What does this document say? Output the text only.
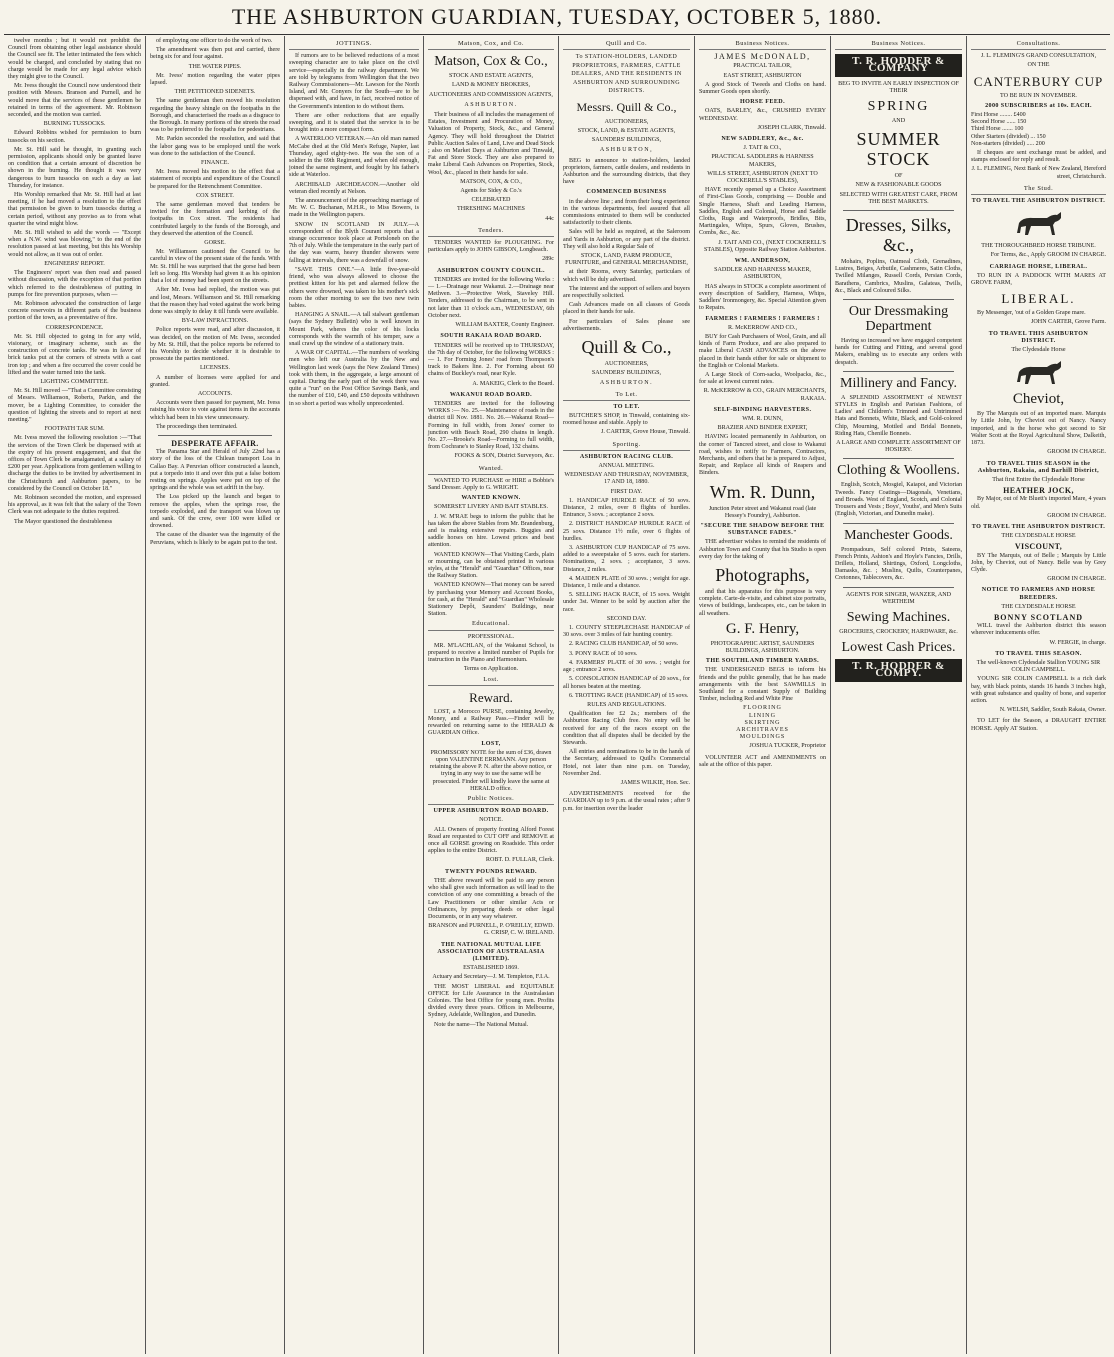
THE ASHBURTON GUARDIAN, TUESDAY, OCTOBER 5, 1880.

twelve months ; but it would not prohibit the Council from obtaining other legal assistance should the Council see fit. The letter intimated the fees which would be charged, and concluded by stating that no charge would be made for any legal advice which they might give to the Council.

Mr. Ivess thought the Council now understood their position with Messrs. Branson and Purnell, and he would move that the services of these gentlemen be retained in terms of the agreement. Mr. Robinson seconded, and the motion was carried.

BURNING TUSSOCKS.

Edward Robbins wished for permission to burn tussocks on his section.

Mr. St. Hill said he thought, in granting such permission, applicants should only be granted leave on condition that a certain amount of discretion be shown in the burning. He thought it was very dangerous to burn tussocks on such a day as last Thursday, for instance.

His Worship remarked that Mr. St. Hill had at last meeting, if he had moved a resolution to the effect that permission be given to burn tussocks during a certain period, without any proviso as to from what quarter the wind might blow.

Mr. St. Hill wished to add the words — "Except when a N.W. wind was blowing," to the end of the resolution passed at last meeting, but this his Worship would not allow, as it was out of order.

ENGINEERS' REPORT.

The Engineers' report was then read and passed without discussion, with the exception of that portion which referred to the desirableness of putting in pumps for fire prevention purposes, when —

Mr. Robinson advocated the construction of large concrete reservoirs in different parts of the business portion of the town, as a preventative of fire.

CORRESPONDENCE.

Mr. St. Hill objected to going in for any wild, visionary, or imaginary scheme, such as the construction of concrete tanks. He was in favor of brick tanks put at the corners of streets with a cast iron top ; and when a fire occurred the cover could be lifted and the water turned into the tank.

LIGHTING COMMITTEE.

Mr. St. Hill moved —"That a Committee consisting of Messrs. Williamson, Roberts, Parkin, and the mover, be a Lighting Committee, to consider the question of lighting the streets and to report at next meeting."

FOOTPATH TAR SUM.

Mr. Ivess moved the following resolution :—"That the services of the Town Clerk be dispensed with at the expiry of his present engagement, and that the offices of Town Clerk be amalgamated, at a salary of £200 per year. Applications from gentlemen willing to discharge the duties to be invited by advertisement in the Christchurch and Ashburton papers, to be considered by the Council on October 18."

Mr. Robinson seconded the motion, and expressed his approval, as it was felt that the salary of the Town Clerk was not adequate to the duties required.

The Mayor questioned the desirableness

of employing one officer to do the work of two.

The amendment was then put and carried, there being six for and four against.

THE WATER PIPES.

Mr. Ivess' motion regarding the water pipes lapsed.

THE PETITIONED SIDENETS.

The same gentleman then moved his resolution regarding the heavy shingle on the footpaths in the Borough, and characterised the roads as a disgrace to the Borough. In many portions of the streets the road was to be preferred to the footpaths for pedestrians.

Mr. Parkin seconded the resolution, and said that the labor gang was to be employed until the work was done to the satisfaction of the Council.

FINANCE.

Mr. Ivess moved his motion to the effect that a statement of receipts and expenditure of the Council be prepared for the Retrenchment Committee.

COX STREET.

The same gentleman moved that tenders be invited for the formation and kerbing of the footpaths in Cox street. The residents had contributed largely to the funds of the Borough, and they deserved the attention of the Council.

GORSE.

Mr. Williamson cautioned the Council to be careful in view of the present state of the funds. With Mr. St. Hill he was surprised that the gorse had been left so long. His Worship had given it as his opinion that a lot of money had been spent on the streets.

After Mr. Ivess had replied, the motion was put and lost, Messrs. Williamson and St. Hill remarking that the reason they had voted against the work being done was simply to delay it till funds were available.

BY-LAW INFRACTIONS.

Police reports were read, and after discussion, it was decided, on the motion of Mr. Ivess, seconded by Mr. St. Hill, that the police reports be referred to his Worship to decide whether it is desirable to prosecute the parties mentioned.

LICENSES.

A number of licenses were applied for and granted.

ACCOUNTS.

Accounts were then passed for payment, Mr. Ivess raising his voice to vote against items in the accounts which had been in his view unnecessary.

The proceedings then terminated.

DESPERATE AFFAIR.

The Panama Star and Herald of July 22nd has a story of the loss of the Chilean transport Loa in Callao Bay. A Peruvian officer constructed a launch, put a torpedo into it and over this put a false bottom resting on springs. Apples were put on top of the springs and the whole was set adrift in the bay.

The Loa picked up the launch and began to remove the apples, when the springs rose, the torpedo exploded, and the transport was blown up and sank. Of the crew, over 100 were killed or drowned.

The cause of the disaster was the ingenuity of the Peruvians, which is likely to be again put to the test.

JOTTINGS.

If rumors are to be believed reductions of a most sweeping character are to take place on the civil service—especially in the railway department. We are told by telegrams from Wellington that the two Railway Commissioners—Mr. Lawson for the North Island, and Mr. Conyers for the South—are to be dispensed with, and have, in fact, received notice of the Government's intention to do without them.

There are other reductions that are equally sweeping, and it is stated that the service is to be brought into a more compact form.

A WATERLOO VETERAN.—An old man named McCabe died at the Old Men's Refuge, Napier, last Thursday, aged eighty-two. He was the son of a soldier in the 69th Regiment, and when old enough, joined the same regiment, and fought by his father's side at Waterloo.

ARCHIBALD ARCHDEACON.—Another old veteran died recently at Nelson.

The announcement of the approaching marriage of Mr. W. C. Buchanan, M.H.R., to Miss Bowers, is made in the Wellington papers.

SNOW IN SCOTLAND IN JULY.—A correspondent of the Blyth Courant reports that a strange occurrence took place at Portsloneb on the 7th of July. While the temperature in the early part of the day was warm, heavy thunder showers were falling at intervals, there was a downfall of snow.

"SAVE THIS ONE."—A little five-year-old friend, who was always allowed to choose the prettiest kitten for his pet and alarmed fellow the others were drowned, was taken to his mother's sick room the other morning to see the two new twin babies.

HANGING A SNAIL.—A tall stalwart gentleman (says the Sydney Bulletin) who is well known in Mount Park, wheres the color of his locks corresponds with the warmth of his temper, saw a snail crawl up the window of a stationary train.

A WAR OF CAPITAL.—The numbers of working men who left our Australia by the New and Wellington last week (says the New Zealand Times) took with them, in the aggregate, a large amount of capital. During the early part of the week there was quite a "run" on the Post Office Savings Bank, and the number of £10, £40, and £50 deposits withdrawn in so short a period was wholly unprecedented.

Matson, Cox, and Co.
Matson, Cox & Co.,
STOCK AND ESTATE AGENTS,
LAND & MONEY BROKERS,
AUCTIONEERS AND COMMISSION AGENTS,
ASHBURTON.

Their business of all includes the management of Estates, Investment and Procuration of Money, Valuation of Property, Stock, &c., and General Agency. They will hold throughout the District Public Auction Sales of Land, Live and Dead Stock ; also on Market Days at Ashburton and Tinwald, Fat and Store Stock. They are also prepared to make Liberal Cash Advances on Properties, Stock, Wool, &c., placed in their hands for sale.

MATSON, COX, & CO.,
Agents for Sidey & Co.'s
CELEBRATED
THRESHING MACHINES
44c
Tenders.

TENDERS WANTED for PLOUGHING. For particulars apply to JOHN GIBSON, Longbeach.

289c
ASHBURTON COUNTY COUNCIL.

TENDERS are invited for the following Works :— 1.—Drainage near Wakanui. 2.—Drainage near Methven. 3.—Protective Work, Staveley Hill. Tenders, addressed to the Chairman, to be sent in not later than 11 o'clock a.m., WEDNESDAY, 6th October next.

WILLIAM BAXTER, County Engineer.
SOUTH RAKAIA ROAD BOARD.

TENDERS will be received up to THURSDAY, the 7th day of October, for the following WORKS :— 1. For Forming Jones' road from Thompson's track to Bakers line. 2. For Forming about 60 chains of Buckley's road, near Kyle.

A. MAKEIG, Clerk to the Board.
WAKANUI ROAD BOARD.

TENDERS are invited for the following WORKS :— No. 25.—Maintenance of roads in the district till Nov. 1881. No. 26.—Wakanui Road—Forming in full width, from Jones' corner to junction with Beach Road, 290 chains in length. No. 27.—Brooke's Road—Forming to full width, from Cochrane's to Stanley Road, 132 chains.

FOOKS & SON, District Surveyors, &c.
Wanted.

WANTED TO PURCHASE or HIRE a Bobbie's Sand Dresser. Apply to G. WRIGHT.

WANTED KNOWN.
SOMERSET LIVERY AND BAIT STABLES.

J. W. M'RAE begs to inform the public that he has taken the above Stables from Mr. Brandenburg, and is making extensive repairs. Buggies and saddle horses on hire. Lowest prices and best attention.

WANTED KNOWN—That Visiting Cards, plain or mourning, can be obtained printed in various styles, at the "Herald" and "Guardian" Offices, near the Railway Station.

WANTED KNOWN—That money can be saved by purchasing your Memory and Account Books, for cash, at the "Herald" and "Guardian" Wholesale Stationery Depôt, Saunders' Buildings, near Station.

Educational.
PROFESSIONAL.

MR. M'LACHLAN, of the Wakanui School, is prepared to receive a limited number of Pupils for instruction in the Piano and Harmonium.

Terms on Application.
Lost.
Reward.

LOST, a Morocco PURSE, containing Jewelry, Money, and a Railway Pass.—Finder will be rewarded on returning same to the HERALD & GUARDIAN Office.

LOST,
PROMISSORY NOTE for the sum of £36, drawn upon VALENTINE ERRMANN. Any person retaining the above P. N. after the above notice, or trying in any way to use the same will be prosecuted. Finder will kindly leave the same at HERALD office.
Public Notices.
UPPER ASHBURTON ROAD BOARD.
NOTICE.

ALL Owners of property fronting Alford Forest Road are requested to CUT OFF and REMOVE at once all GORSE growing on Roadside. This order applies to the entire District.

ROBT. D. FULLAR, Clerk.
TWENTY POUNDS REWARD.

THE above reward will be paid to any person who shall give such information as will lead to the conviction of any one committing a breach of the Law Practitioners or other similar Acts or Ordinances, by preparing deeds or other legal Documents, or in any way whatever.

BRANSON and PURNELL, P. O'REILLY, EDWD. G. CRISP, C. W. IRELAND.
THE NATIONAL MUTUAL LIFE ASSOCIATION OF AUSTRALASIA (LIMITED).
ESTABLISHED 1869.
Actuary and Secretary—J. M. Templeton, F.I.A.

THE MOST LIBERAL and EQUITABLE OFFICE for Life Assurance in the Australasian Colonies. The best Office for young men. Profits divided every three years. Offices in Melbourne, Sydney, Adelaide, Wellington, and Dunedin.

Note the name—The National Mutual.

Quill and Co.
To STATION-HOLDERS, LANDED PROPRIETORS, FARMERS, CATTLE DEALERS, AND THE RESIDENTS IN ASHBURTON AND SURROUNDING DISTRICTS.
Messrs. Quill & Co.,
AUCTIONEERS,
STOCK, LAND, & ESTATE AGENTS,
SAUNDERS' BUILDINGS,
ASHBURTON,

BEG to announce to station-holders, landed proprietors, farmers, cattle dealers, and residents in Ashburton and the surrounding districts, that they have

COMMENCED BUSINESS

in the above line ; and from their long experience in the various departments, feel assured that all commissions entrusted to them will be conducted satisfactorily to their clients.

Sales will be held as required, at the Saleroom and Yards in Ashburton, or any part of the district. They will also hold a Regular Sale of

STOCK, LAND, FARM PRODUCE, FURNITURE, and GENERAL MERCHANDISE,

at their Rooms, every Saturday, particulars of which will be duly advertised.

The interest and the support of sellers and buyers are respectfully solicited.

Cash Advances made on all classes of Goods placed in their hands for sale.

For particulars of Sales please see advertisements.

Quill & Co.,
AUCTIONEERS,
SAUNDERS' BUILDINGS,
ASHBURTON.
To Let.
TO LET.

BUTCHER'S SHOP, in Tinwald, containing six-roomed house and stable. Apply to

J. CARTER, Grove House, Tinwald.
Sporting.
ASHBURTON RACING CLUB.
ANNUAL MEETING.
WEDNESDAY AND THURSDAY, NOVEMBER, 17 AND 18, 1880.
FIRST DAY.

1. HANDICAP HURDLE RACE of 50 sovs. Distance, 2 miles, over 8 flights of hurdles. Entrance, 3 sovs. ; acceptance 2 sovs.

2. DISTRICT HANDICAP HURDLE RACE of 25 sovs. Distance 1½ mile, over 6 flights of hurdles.

3. ASHBURTON CUP HANDICAP of 75 sovs. added to a sweepstake of 5 sovs. each for starters. Nominations, 2 sovs. ; acceptance, 3 sovs. Distance, 2 miles.

4. MAIDEN PLATE of 30 sovs. ; weight for age. Distance, 1 mile and a distance.

5. SELLING HACK RACE, of 15 sovs. Weight under 3st. Winner to be sold by auction after the race.

SECOND DAY.

1. COUNTY STEEPLECHASE HANDICAP of 30 sovs. over 3 miles of fair hunting country.

2. RACING CLUB HANDICAP, of 50 sovs.

3. PONY RACE of 10 sovs.

4. FARMERS' PLATE of 30 sovs. ; weight for age ; entrance 2 sovs.

5. CONSOLATION HANDICAP of 20 sovs., for all horses beaten at the meeting.

6. TROTTING RACE (HANDICAP) of 15 sovs.

RULES AND REGULATIONS.

Qualification fee £2 2s.; members of the Ashburton Racing Club free. No entry will be received for any of the races except on the condition that all disputes shall be decided by the Stewards.

All entries and nominations to be in the hands of the Secretary, addressed to Quill's Commercial Hotel, not later than nine p.m. on Tuesday, November 2nd.

JAMES WILKIE, Hon. Sec.

ADVERTISEMENTS received for the GUARDIAN up to 9 p.m. at the usual rates ; after 9 p.m. for insertion over the leader

Business Notices.
JAMES McDONALD,
PRACTICAL TAILOR,
EAST STREET, ASHBURTON

A good Stock of Tweeds and Cloths on hand. Summer Goods open shortly.

HORSE FEED.

OATS, BARLEY, &c., CRUSHED EVERY WEDNESDAY.

JOSEPH CLARK, Tinwald.
NEW SADDLERY, &c., &c.
J. TAIT & CO.,
PRACTICAL SADDLERS & HARNESS MAKERS,
WILLS STREET, ASHBURTON (NEXT TO COCKERELL'S STABLES),

HAVE recently opened up a Choice Assortment of First-Class Goods, comprising — Double and Single Harness, Shaft and Leading Harness, Saddles, English and Colonial, Horse and Saddle Cloths, Rugs and Waterproofs, Bridles, Bits, Martingales, Whips, Spurs, Gloves, Brushes, Combs, &c., &c.

J. TAIT AND CO., (NEXT COCKERELL'S STABLES), Opposite Railway Station Ashburton.
WM. ANDERSON,
SADDLER AND HARNESS MAKER, ASHBURTON,

HAS always in STOCK a complete assortment of every description of Saddlery, Harness, Whips, Saddlers' Ironmongery, &c. Special Attention given to Repairs.

FARMERS ! FARMERS ! FARMERS !
R. McKERROW AND CO.,

BUY for Cash Purchasers of Wool, Grain, and all kinds of Farm Produce, and are also prepared to make Liberal CASH ADVANCES on the above placed in their hands either for sale or shipment to the English or Colonial Markets.

A Large Stock of Corn-sacks, Woolpacks, &c., for sale at lowest current rates.

R. McKERROW & CO., GRAIN MERCHANTS, RAKAIA.
SELF-BINDING HARVESTERS.
WM. R. DUNN,
BRAZIER AND BINDER EXPERT,

HAVING located permanently in Ashburton, on the corner of Tancred street, and close to Wakanui road, wishes to notify to Farmers, Contractors, Merchants, and others that he is prepared to Adjust, Repair, and Replace all kinds of Reapers and Binders.

Wm. R. Dunn,
Junction Peter street and Wakanui road (late Hessey's Foundry), Ashburton.
"SECURE THE SHADOW BEFORE THE SUBSTANCE FADES."

THE advertiser wishes to remind the residents of Ashburton Town and County that his Studio is open every day for the taking of

Photographs,

and that his apparatus for this purpose is very complete. Carte-de-visite, and cabinet size portraits, views of buildings, landscapes, etc., can be taken in all weathers.

G. F. Henry,
PHOTOGRAPHIC ARTIST, SAUNDERS BUILDINGS, ASHBURTON.
THE SOUTHLAND TIMBER YARDS.

THE UNDERSIGNED BEGS to inform his friends and the public generally, that he has made arrangements with the best SAWMILLS in Southland for a constant Supply of Building Timber, including Red and White Pine

FLOORING
LINING
SKIRTING
ARCHITRAVES
MOULDINGS
JOSHUA TUCKER, Proprietor

VOLUNTEER ACT and AMENDMENTS on sale at the office of this paper.

Business Notices.
T. R. HODDER & COMPANY
BEG TO INVITE AN EARLY INSPECTION OF THEIR
SPRING
AND
SUMMER STOCK
OF
NEW & FASHIONABLE GOODS
SELECTED WITH GREATEST CARE, FROM THE BEST MARKETS.
Dresses, Silks, &c.,

Mohairs, Poplins, Oatmeal Cloth, Grenadines, Lustres, Beiges, Arbutile, Cashmeres, Satin Cloths, Twilled Milanges, Russell Cords, Persian Cords, Barathens, Cambrics, Muslins, Galateas, Twills, &c., Black and Coloured Silks.

Our Dressmaking Department

Having so increased we have engaged competent hands for Cutting and Fitting, and several good Makers, enabling us to execute any orders with despatch.

Millinery and Fancy.

A SPLENDID ASSORTMENT of NEWEST STYLES in English and Parisian Fashions, of Ladies' and Children's Trimmed and Untrimmed Hats and Bonnets, White, Black, and Gold-colored Chip, Mourning, Mottled and Bridal Bonnets, Riding Hats, Chenille Bonnets.

A LARGE AND COMPLETE ASSORTMENT OF HOSIERY.
Clothing & Woollens.

English, Scotch, Mosgiel, Kaiapoi, and Victorian Tweeds. Fancy Coatings—Diagonals, Venetians, and Broads. West of England, Scotch, and Colonial Trousers and Vests ; Boys', Youths', and Men's Suits (English, Victorian, and Dunedin make).

Manchester Goods.

Prompadours, Self colored Prints, Sateens, French Prints, Ashton's and Hoyle's Fancies, Drills, Drillets, Holland, Shirtings, Oxford, Longcloths, Damasks, &c. ; Muslins, Quilts, Counterpanes, Cretonnes, Tablecovers, &c.

AGENTS FOR SINGER, WANZER, AND WERTHEIM
Sewing Machines.
GROCERIES, CROCKERY, HARDWARE, &c.
Lowest Cash Prices.
T. R. HODDER & COMPY.
Consultations.
J. L. FLEMING'S GRAND CONSULTATION,
ON THE
CANTERBURY CUP
TO BE RUN IN NOVEMBER.
2000 SUBSCRIBERS at 10s. EACH.
First Horse ........ £400
Second Horse ...... 150
Third Horse ....... 100
Other Starters (divided) ... 150
Non-starters (divided) ..... 200

If cheques are sent exchange must be added, and stamps enclosed for reply and result.

J. L. FLEMING, Next Bank of New Zealand, Hereford street, Christchurch.
The Stud.
TO TRAVEL THE ASHBURTON DISTRICT.
THE THOROUGHBRED HORSE TRIBUNE.
For Terms, &c., Apply GROOM IN CHARGE.
CARRIAGE HORSE, LIBERAL.

TO RUN IN A PADDOCK WITH MARES AT GROVE FARM,

LIBERAL.

By Messenger, 'out of a Golden Grape mare.

JOHN CARTER, Grove Farm.
TO TRAVEL THIS ASHBURTON DISTRICT.
The Clydesdale Horse
Cheviot,

By The Marquis out of an imported mare. Marquis by Little John, by Cheviot out of Nancy. Nancy imported, and is the horse who got second to Sir Walter Scott at the Royal Agricultural Show, Dalkeith, 1873.

GROOM IN CHARGE.
TO TRAVEL THIS SEASON in the Ashburton, Rakaia, and Barhill District,
That first Entire the Clydesdale Horse
HEATHER JOCK,

By Major, out of Mr Bluett's imported Mare, 4 years old.

GROOM IN CHARGE.
TO TRAVEL THE ASHBURTON DISTRICT.
THE CLYDESDALE HORSE
VISCOUNT,

BY The Marquis, out of Belle ; Marquis by Little John, by Cheviot, out of Nancy. Belle was by Grey Clyde.

GROOM IN CHARGE.
NOTICE TO FARMERS AND HORSE BREEDERS.
THE CLYDESDALE HORSE
BONNY SCOTLAND

WILL travel the Ashburton district this season wherever inducements offer.

W. FERGIE, in charge.
TO TRAVEL THIS SEASON.
The well-known Clydesdale Stallion YOUNG SIR COLIN CAMPBELL.

YOUNG SIR COLIN CAMPBELL is a rich dark bay, with black points, stands 16 hands 3 inches high, with great substance and quality of bone, and superior action.

N. WELSH, Saddler, South Rakaia, Owner.

TO LET for the Season, a DRAUGHT ENTIRE HORSE. Apply AT Station.
